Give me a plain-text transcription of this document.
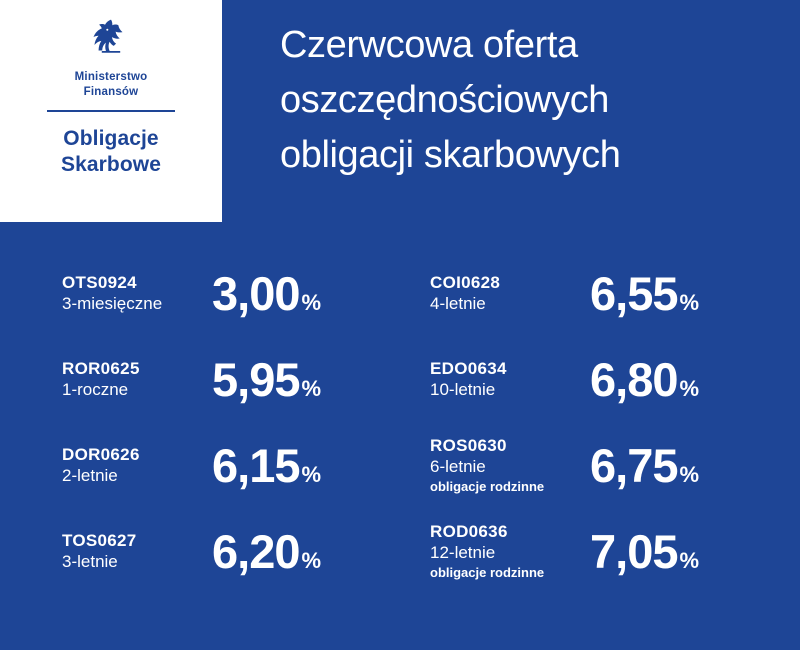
Ministerstwo
Finansów
Obligacje
Skarbowe
Czerwcowa oferta
oszczędnościowych
obligacji skarbowych
OTS0924
3-miesięczne	3,00 %
ROR0625
1-roczne	5,95 %
DOR0626
2-letnie	6,15 %
TOS0627
3-letnie	6,20 %
COI0628
4-letnie	6,55 %
EDO0634
10-letnie	6,80 %
ROS0630
6-letnie
obligacje rodzinne 6,75 %
ROD0636
12-letnie
obligacje rodzinne 7,05 %
